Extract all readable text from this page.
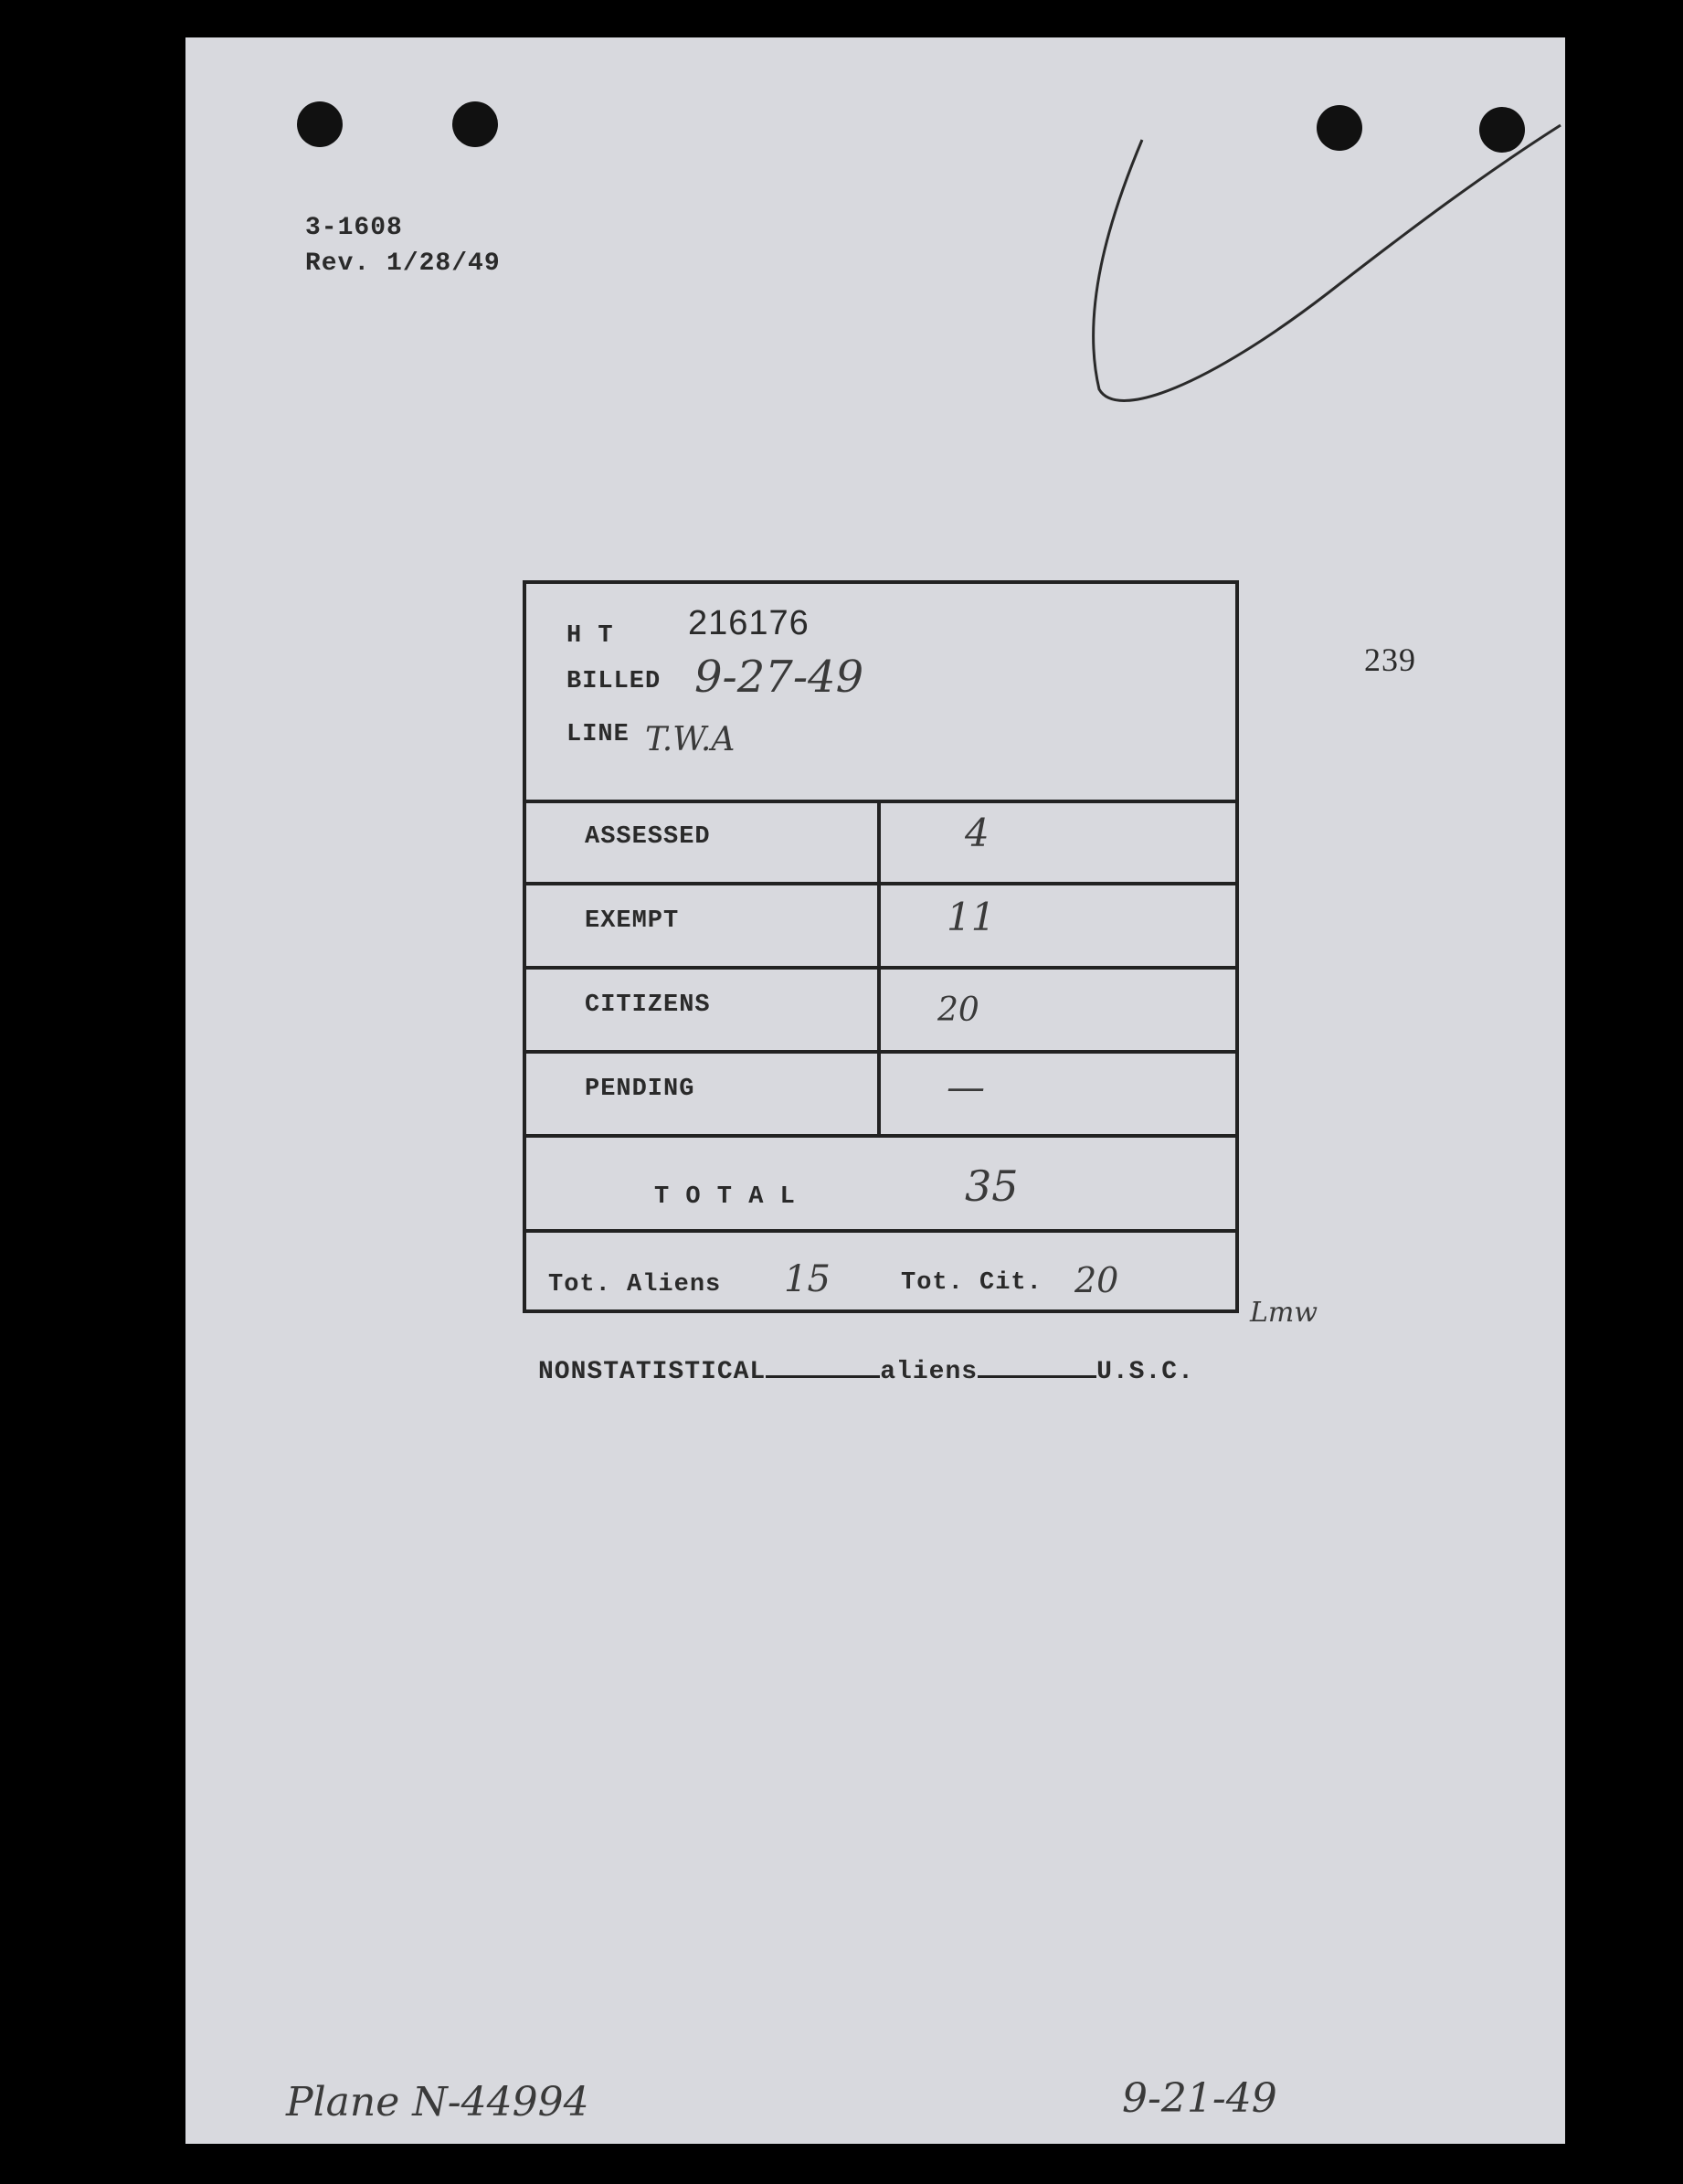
3-1608
Rev. 1/28/49
239
Plane N-44994	9-21-49
Lmw
NONSTATISTICAL	aliens	U.S.C.
H T 216176
BILLED 9-27-49
LINE T.W.A
ASSESSED	4
EXEMPT	11
CITIZENS	20
PENDING	—
T O T A L	35
Tot. Aliens 15	Tot. Cit. 20
